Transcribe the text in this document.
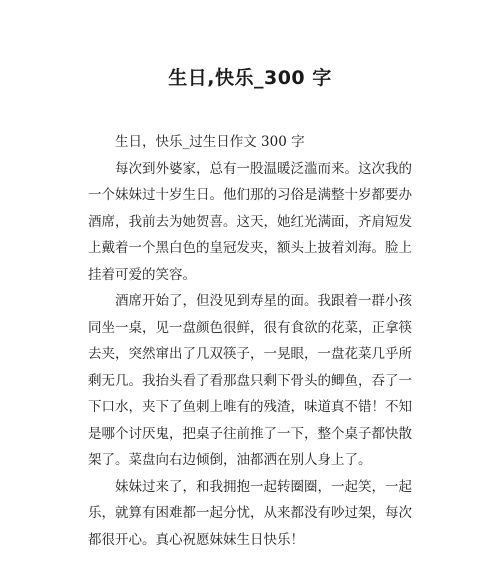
生日,快乐_300 字

生日，快乐_过生日作文 300 字

每次到外婆家，总有一股温暖泛滥而来。这次我的一个妹妹过十岁生日。他们那的习俗是满整十岁都要办酒席，我前去为她贺喜。这天，她红光满面，齐肩短发上戴着一个黑白色的皇冠发夹，额头上披着刘海。脸上挂着可爱的笑容。

酒席开始了，但没见到寿星的面。我跟着一群小孩同坐一桌，见一盘颜色很鲜，很有食欲的花菜，正拿筷去夹，突然窜出了几双筷子，一晃眼，一盘花菜几乎所剩无几。我抬头看了看那盘只剩下骨头的鲫鱼，吞了一下口水，夹下了鱼刺上唯有的残渣，味道真不错！不知是哪个讨厌鬼，把桌子往前推了一下，整个桌子都快散架了。菜盘向右边倾倒，油都洒在别人身上了。

妹妹过来了，和我拥抱一起转圈圈，一起笑，一起乐，就算有困难都一起分忧，从来都没有吵过架，每次都很开心。真心祝愿妹妹生日快乐！
